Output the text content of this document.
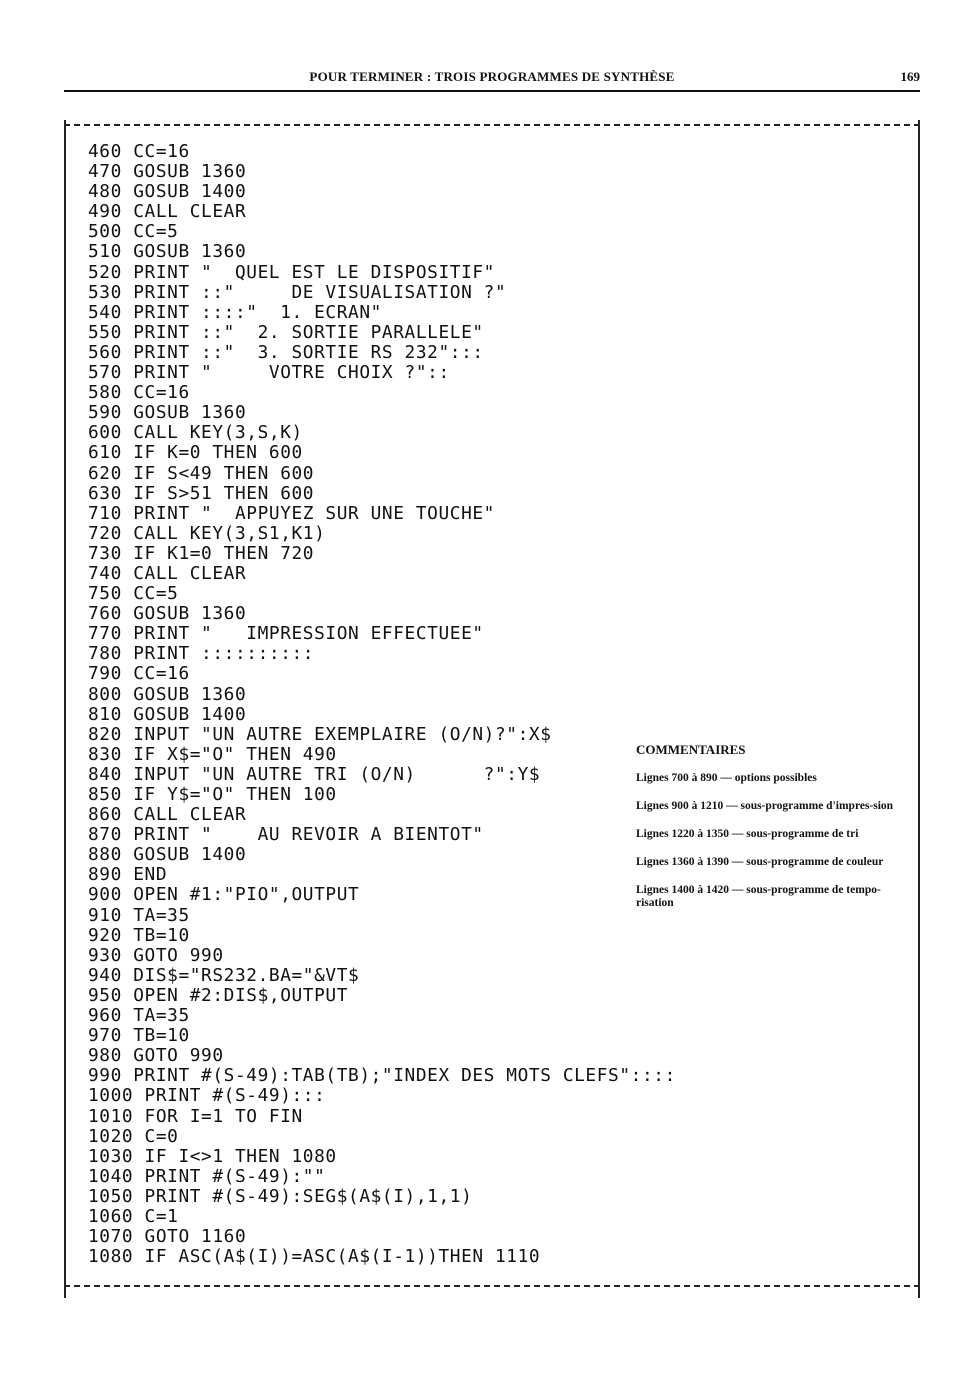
POUR TERMINER : TROIS PROGRAMMES DE SYNTHÈSE	169
460 CC=16
470 GOSUB 1360
480 GOSUB 1400
490 CALL CLEAR
500 CC=5
510 GOSUB 1360
520 PRINT "  QUEL EST LE DISPOSITIF"
530 PRINT ::"     DE VISUALISATION ?"
540 PRINT ::::"  1. ECRAN"
550 PRINT ::"  2. SORTIE PARALLELE"
560 PRINT ::"  3. SORTIE RS 232":::
570 PRINT "     VOTRE CHOIX ?"::
580 CC=16
590 GOSUB 1360
600 CALL KEY(3,S,K)
610 IF K=0 THEN 600
620 IF S<49 THEN 600
630 IF S>51 THEN 600
710 PRINT "  APPUYEZ SUR UNE TOUCHE"
720 CALL KEY(3,S1,K1)
730 IF K1=0 THEN 720
740 CALL CLEAR
750 CC=5
760 GOSUB 1360
770 PRINT "   IMPRESSION EFFECTUEE"
780 PRINT ::::::::::
790 CC=16
800 GOSUB 1360
810 GOSUB 1400
820 INPUT "UN AUTRE EXEMPLAIRE (O/N)?":X$
830 IF X$="O" THEN 490
840 INPUT "UN AUTRE TRI (O/N)      ?":Y$
850 IF Y$="O" THEN 100
860 CALL CLEAR
870 PRINT "    AU REVOIR A BIENTOT"
880 GOSUB 1400
890 END
900 OPEN #1:"PIO",OUTPUT
910 TA=35
920 TB=10
930 GOTO 990
940 DIS$="RS232.BA="&VT$
950 OPEN #2:DIS$,OUTPUT
960 TA=35
970 TB=10
980 GOTO 990
990 PRINT #(S-49):TAB(TB);"INDEX DES MOTS CLEFS"::::
1000 PRINT #(S-49):::
1010 FOR I=1 TO FIN
1020 C=0
1030 IF I<>1 THEN 1080
1040 PRINT #(S-49):""
1050 PRINT #(S-49):SEG$(A$(I),1,1)
1060 C=1
1070 GOTO 1160
1080 IF ASC(A$(I))=ASC(A$(I-1))THEN 1110
COMMENTAIRES
Lignes 700 à 890 — options possibles
Lignes 900 à 1210 — sous-programme d'impres-sion
Lignes 1220 à 1350 — sous-programme de tri
Lignes 1360 à 1390 — sous-programme de couleur
Lignes 1400 à 1420 — sous-programme de tempo-risation
